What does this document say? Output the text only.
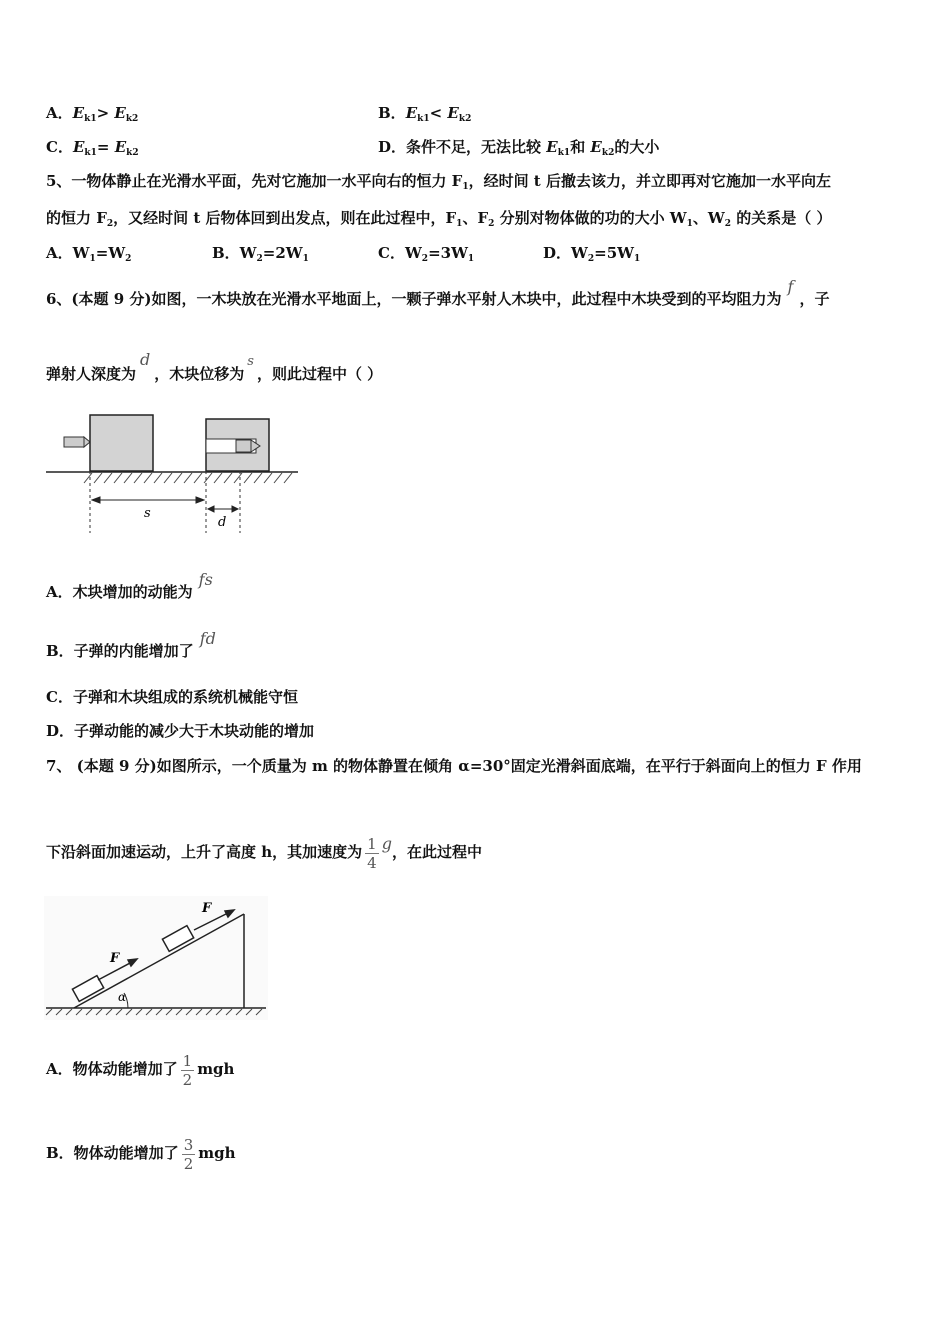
A．$E_{k1}> E_{k2}$	B．$E_{k1}< E_{k2}$
C．$E_{k1}= E_{k2}$	D．条件不足，无法比较 $E_{k1}$和 $E_{k2}$的大小
5、一物体静止在光滑水平面，先对它施加一水平向右的恒力 $F_1$，经时间 t 后撤去该力，并立即再对它施加一水平向左
的恒力 $F_2$，又经时间 t 后物体回到出发点，则在此过程中，$F_1$、$F_2$ 分别对物体做的功的大小 $W_1$、$W_2$ 的关系是（ ）
A．$W_1=W_2$	B．$W_2=2W_1$	C．$W_2=3W_1$	D．$W_2=5W_1$
6、(本题 9 分)如图，一木块放在光滑水平地面上，一颗子弹水平射人木块中，此过程中木块受到的平均阻力为f，子
弹射人深度为d，木块位移为s，则此过程中（ ）
s
d
A．木块增加的动能为fs
B．子弹的内能增加了fd
C．子弹和木块组成的系统机械能守恒
D．子弹动能的减少大于木块动能的增加
7、 (本题 9 分)如图所示，一个质量为 m 的物体静置在倾角 α=30°固定光滑斜面底端，在平行于斜面向上的恒力 F 作用
下沿斜面加速运动，上升了高度 h，其加速度为 $\frac{1}{4}$ g，在此过程中
α
F
F
A．物体动能增加了 $\frac{1}{2}$ mgh
B．物体动能增加了 $\frac{3}{2}$ mgh
